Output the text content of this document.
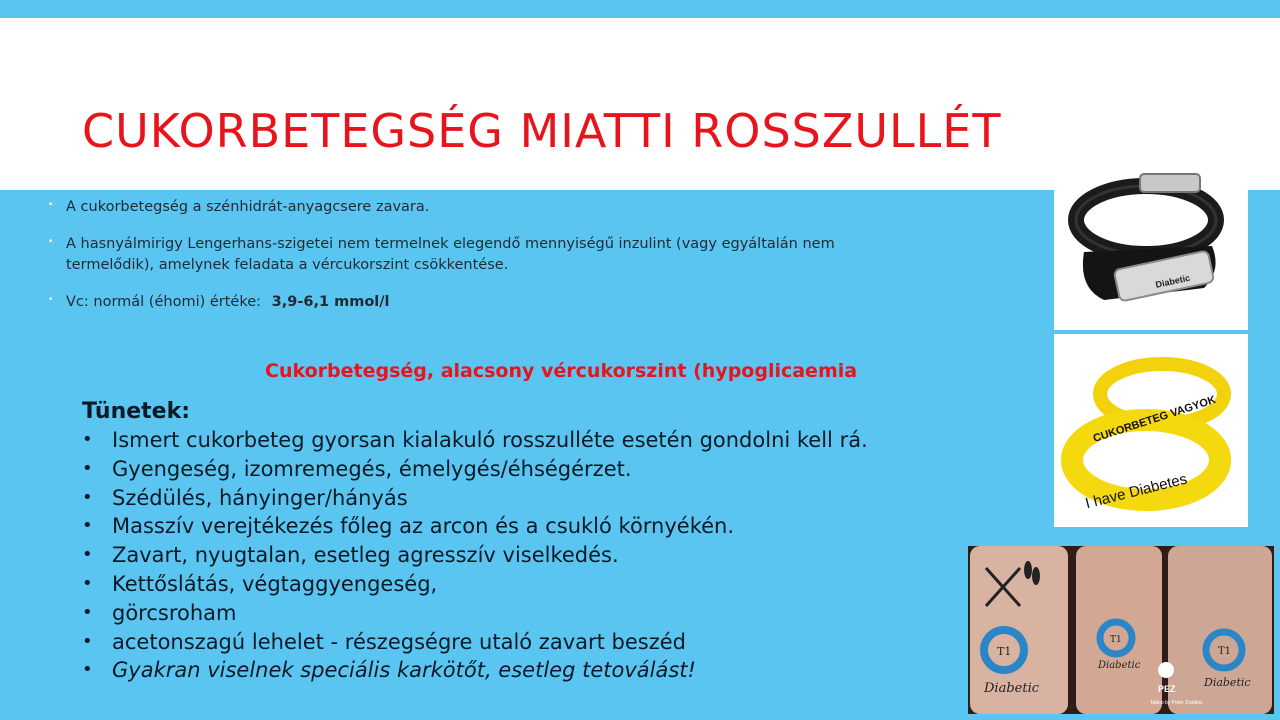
CUKORBETEGSÉG MIATTI ROSSZULLÉT
• A cukorbetegség a szénhidrát-anyagcsere zavara.
• A hasnyálmirigy Lengerhans-szigetei nem termelnek elegendő mennyiségű inzulint (vagy egyáltalán nem termelődik), amelynek feladata a vércukorszint csökkentése.
• Vc: normál (éhomi) értéke: 3,9-6,1 mmol/l
Cukorbetegség, alacsony vércukorszint (hypoglicaemia
Tünetek:
• Ismert cukorbeteg gyorsan kialakuló rosszulléte esetén gondolni kell rá.
• Gyengeség, izomremegés, émelygés/éhségérzet.
• Szédülés, hányinger/hányás
• Masszív verejtékezés főleg az arcon és a csukló környékén.
• Zavart, nyugtalan, esetleg agresszív viselkedés.
• Kettőslátás, végtaggyengeség,
• görcsroham
• acetonszagú lehelet - részegségre utaló zavart beszéd
• Gyakran viselnek speciális karkötőt, esetleg tetoválást!
Diabetic
CUKORBETEG VAGYOK
I have Diabetes
T1
T1
T1
Diabetic
Diabetic
Diabetic
PEZ
Tattoo by Peter Zsoldos
